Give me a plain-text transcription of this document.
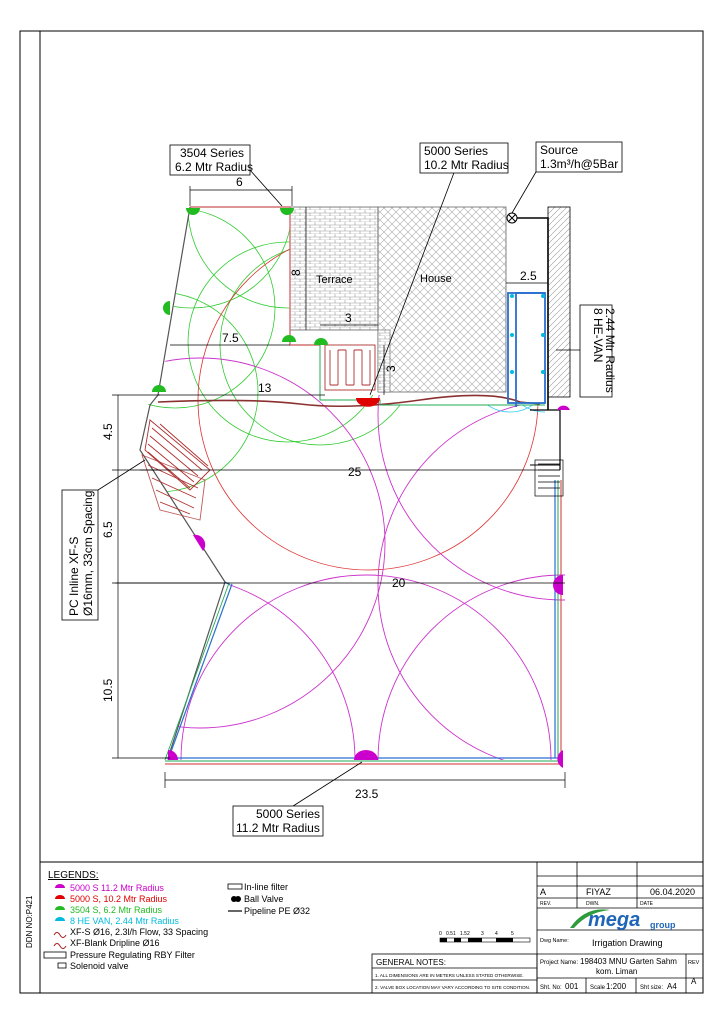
3504 Series
6.2 Mtr Radius
5000 Series
10.2 Mtr Radius
Source
1.3m³/h@5Bar
8 HE-VAN
2.44 Mtr Radius
PC Inline XF-S Ø16mm, 33cm Spacing
5000 Series
11.2 Mtr Radius
Terrace	House
6
8
7.5
3
3
2.5
13
4.5
25
6.5
20
10.5
23.5
LEGENDS:
5000 S 11.2 Mtr Radius
5000 S, 10.2 Mtr Radius
3504 S, 6.2 Mtr Radius
8 HE VAN, 2.44 Mtr Radius
XF-S Ø16, 2.3l/h Flow, 33 Spacing
XF-Blank Dripline Ø16
Pressure Regulating RBY Filter
Solenoid valve
In-line filter
Ball Valve
Pipeline PE Ø32
DDN NO:P421	0 0.5 1 1.5 2 3 4	5
A	FIYAZ	06.04.2020
REV.	DWN.	DATE
mega group
Dwg Name:	Irrigation Drawing
Project Name: 198403 MNU Garten Sahm
kom. Liman
Sht. No: 001 Scale 1:200 Sht size: A4
REV
A
GENERAL NOTES:
1. ALL DIMENSIONS ARE IN METERS UNLESS STATED OTHERWISE.
2. VALVE BOX LOCATION MAY VARY ACCORDING TO SITE CONDITION.
